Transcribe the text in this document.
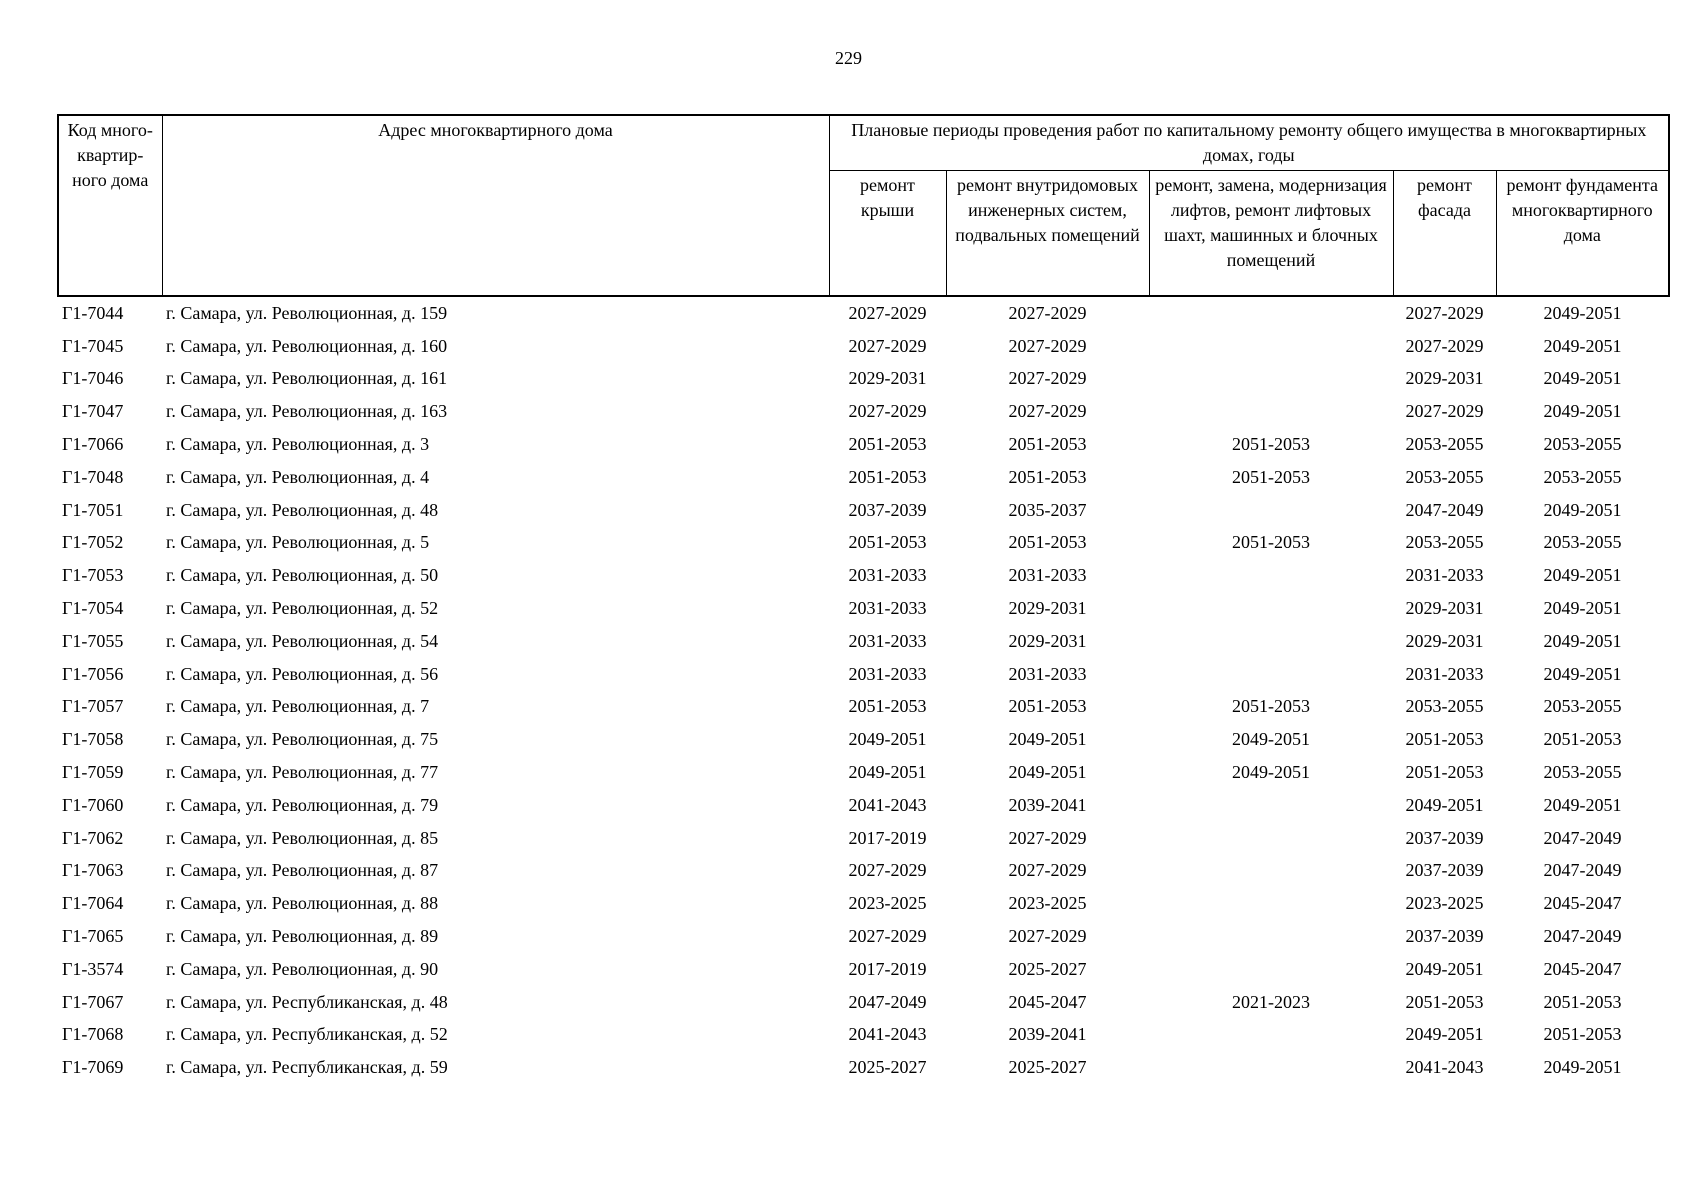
229
Код много-квартир-ного дома	Адрес многоквартирного дома	Плановые периоды проведения работ по капитальному ремонту общего имущества в многоквартирных домах, годы				

		ремонт крыши	ремонт внутридомовых инженерных систем, подвальных помещений	ремонт, замена, модернизация лифтов, ремонт лифтовых шахт, машинных и блочных помещений	ремонт фасада	ремонт фундамента многоквартирного дома
Г1-7044	г. Самара, ул. Революционная, д. 159	2027-2029	2027-2029		2027-2029	2049-2051
Г1-7045	г. Самара, ул. Революционная, д. 160	2027-2029	2027-2029		2027-2029	2049-2051
Г1-7046	г. Самара, ул. Революционная, д. 161	2029-2031	2027-2029		2029-2031	2049-2051
Г1-7047	г. Самара, ул. Революционная, д. 163	2027-2029	2027-2029		2027-2029	2049-2051
Г1-7066	г. Самара, ул. Революционная, д. 3	2051-2053	2051-2053	2051-2053	2053-2055	2053-2055
Г1-7048	г. Самара, ул. Революционная, д. 4	2051-2053	2051-2053	2051-2053	2053-2055	2053-2055
Г1-7051	г. Самара, ул. Революционная, д. 48	2037-2039	2035-2037		2047-2049	2049-2051
Г1-7052	г. Самара, ул. Революционная, д. 5	2051-2053	2051-2053	2051-2053	2053-2055	2053-2055
Г1-7053	г. Самара, ул. Революционная, д. 50	2031-2033	2031-2033		2031-2033	2049-2051
Г1-7054	г. Самара, ул. Революционная, д. 52	2031-2033	2029-2031		2029-2031	2049-2051
Г1-7055	г. Самара, ул. Революционная, д. 54	2031-2033	2029-2031		2029-2031	2049-2051
Г1-7056	г. Самара, ул. Революционная, д. 56	2031-2033	2031-2033		2031-2033	2049-2051
Г1-7057	г. Самара, ул. Революционная, д. 7	2051-2053	2051-2053	2051-2053	2053-2055	2053-2055
Г1-7058	г. Самара, ул. Революционная, д. 75	2049-2051	2049-2051	2049-2051	2051-2053	2051-2053
Г1-7059	г. Самара, ул. Революционная, д. 77	2049-2051	2049-2051	2049-2051	2051-2053	2053-2055
Г1-7060	г. Самара, ул. Революционная, д. 79	2041-2043	2039-2041		2049-2051	2049-2051
Г1-7062	г. Самара, ул. Революционная, д. 85	2017-2019	2027-2029		2037-2039	2047-2049
Г1-7063	г. Самара, ул. Революционная, д. 87	2027-2029	2027-2029		2037-2039	2047-2049
Г1-7064	г. Самара, ул. Революционная, д. 88	2023-2025	2023-2025		2023-2025	2045-2047
Г1-7065	г. Самара, ул. Революционная, д. 89	2027-2029	2027-2029		2037-2039	2047-2049
Г1-3574	г. Самара, ул. Революционная, д. 90	2017-2019	2025-2027		2049-2051	2045-2047
Г1-7067	г. Самара, ул. Республиканская, д. 48	2047-2049	2045-2047	2021-2023	2051-2053	2051-2053
Г1-7068	г. Самара, ул. Республиканская, д. 52	2041-2043	2039-2041		2049-2051	2051-2053
Г1-7069	г. Самара, ул. Республиканская, д. 59	2025-2027	2025-2027		2041-2043	2049-2051
